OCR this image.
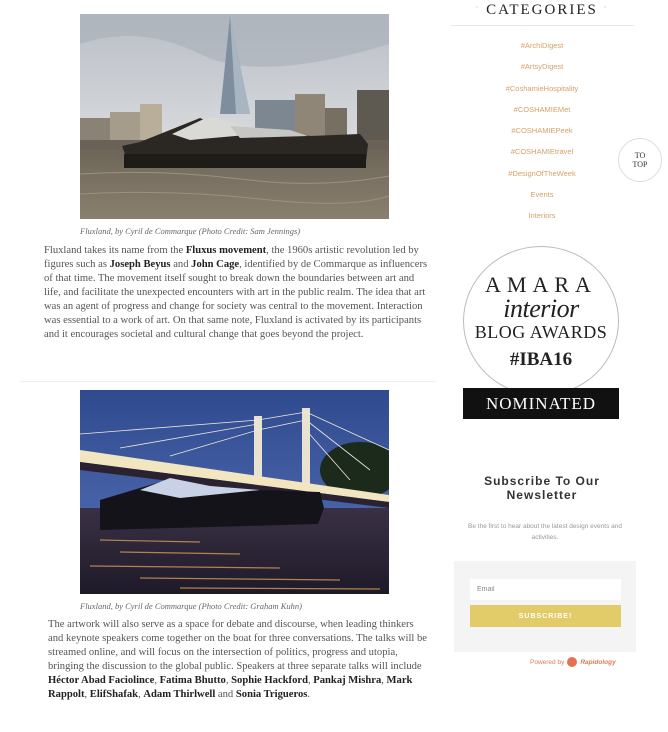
Fluxland, by Cyril de Commarque (Photo Credit: Sam Jennings)

Fluxland takes its name from the Fluxus movement, the 1960s artistic revolution led by figures such as Joseph Beyus and John Cage, identified by de Commarque as influencers of that time. The movement itself sought to break down the boundaries between art and life, and facilitate the unexpected encounters with art in the public realm. The idea that art was an agent of progress and change for society was central to the movement. Interaction was essential to a work of art. On that same note, Fluxland is activated by its participants and it encourages societal and cultural change that goes beyond the project.

Fluxland, by Cyril de Commarque (Photo Credit: Graham Kuhn)

The artwork will also serve as a space for debate and discourse, when leading thinkers and keynote speakers come together on the boat for three conversations. The talks will be streamed online, and will focus on the intersection of politics, progress and utopia, bringing the discussion to the global public. Speakers at three separate talks will include Héctor Abad Faciolince, Fatima Bhutto, Sophie Hackford, Pankaj Mishra, Mark Rappolt, ElifShafak, Adam Thirlwell and Sonia Trigueros.

· CATEGORIES ·
#ArchiDigest
#ArtsyDigest
#CoshamieHospitality
#COSHAMIEMet
#COSHAMIEPeek
#COSHAMIEtravel
#DesignOfTheWeek
Events
Interiors
TO
TOP
AMARA
interior
BLOG AWARDS
#IBA16
NOMINATED
Subscribe To Our Newsletter
Be the first to hear about the latest design events and activities.
Email
SUBSCRIBE!
Powered by Rapidology
